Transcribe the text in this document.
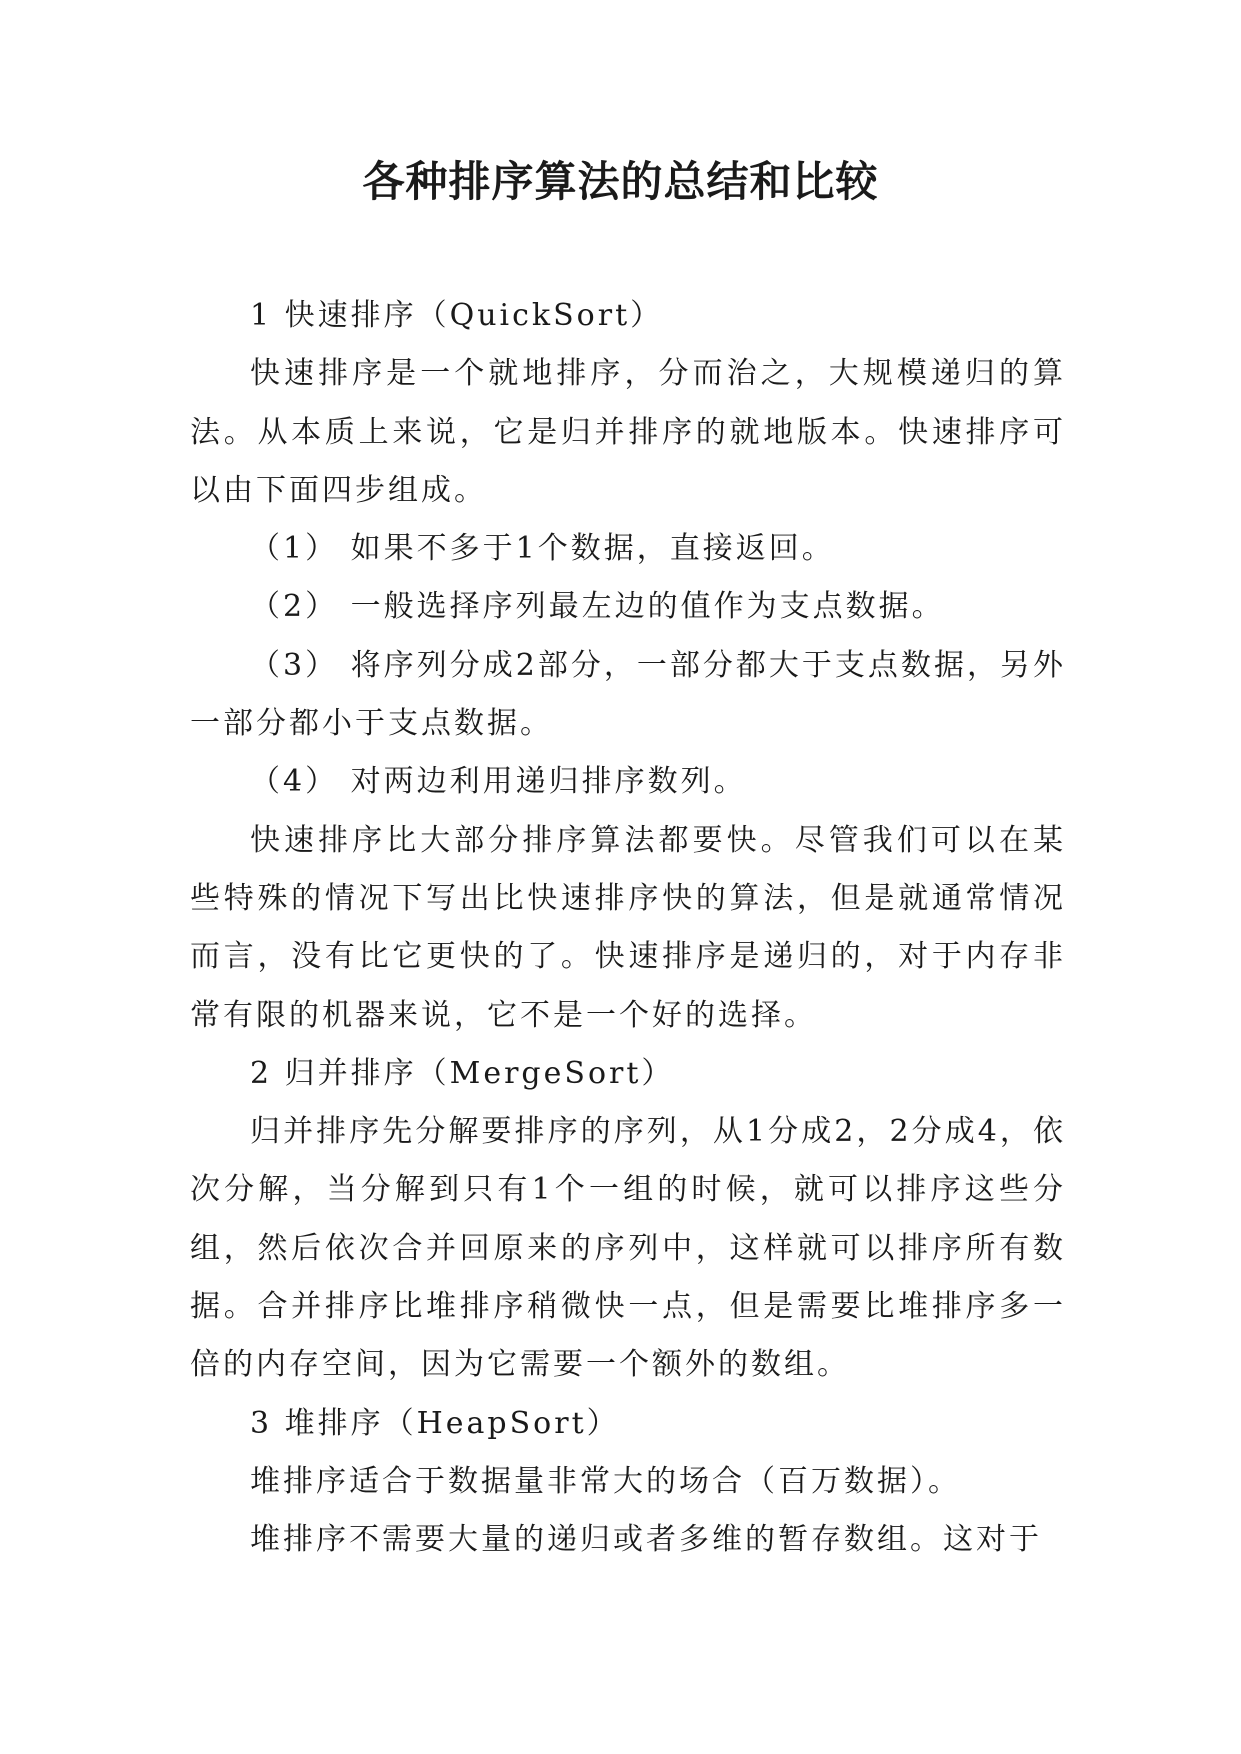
各种排序算法的总结和比较

1 快速排序（QuickSort）

快速排序是一个就地排序，分而治之，大规模递归的算法。从本质上来说，它是归并排序的就地版本。快速排序可以由下面四步组成。

（1） 如果不多于1个数据，直接返回。

（2） 一般选择序列最左边的值作为支点数据。

（3） 将序列分成2部分，一部分都大于支点数据，另外一部分都小于支点数据。

（4） 对两边利用递归排序数列。

快速排序比大部分排序算法都要快。尽管我们可以在某些特殊的情况下写出比快速排序快的算法，但是就通常情况而言，没有比它更快的了。快速排序是递归的，对于内存非常有限的机器来说，它不是一个好的选择。

2 归并排序（MergeSort）

归并排序先分解要排序的序列，从1分成2，2分成4，依次分解，当分解到只有1个一组的时候，就可以排序这些分组，然后依次合并回原来的序列中，这样就可以排序所有数据。合并排序比堆排序稍微快一点，但是需要比堆排序多一倍的内存空间，因为它需要一个额外的数组。

3 堆排序（HeapSort）

堆排序适合于数据量非常大的场合（百万数据）。

堆排序不需要大量的递归或者多维的暂存数组。这对于
